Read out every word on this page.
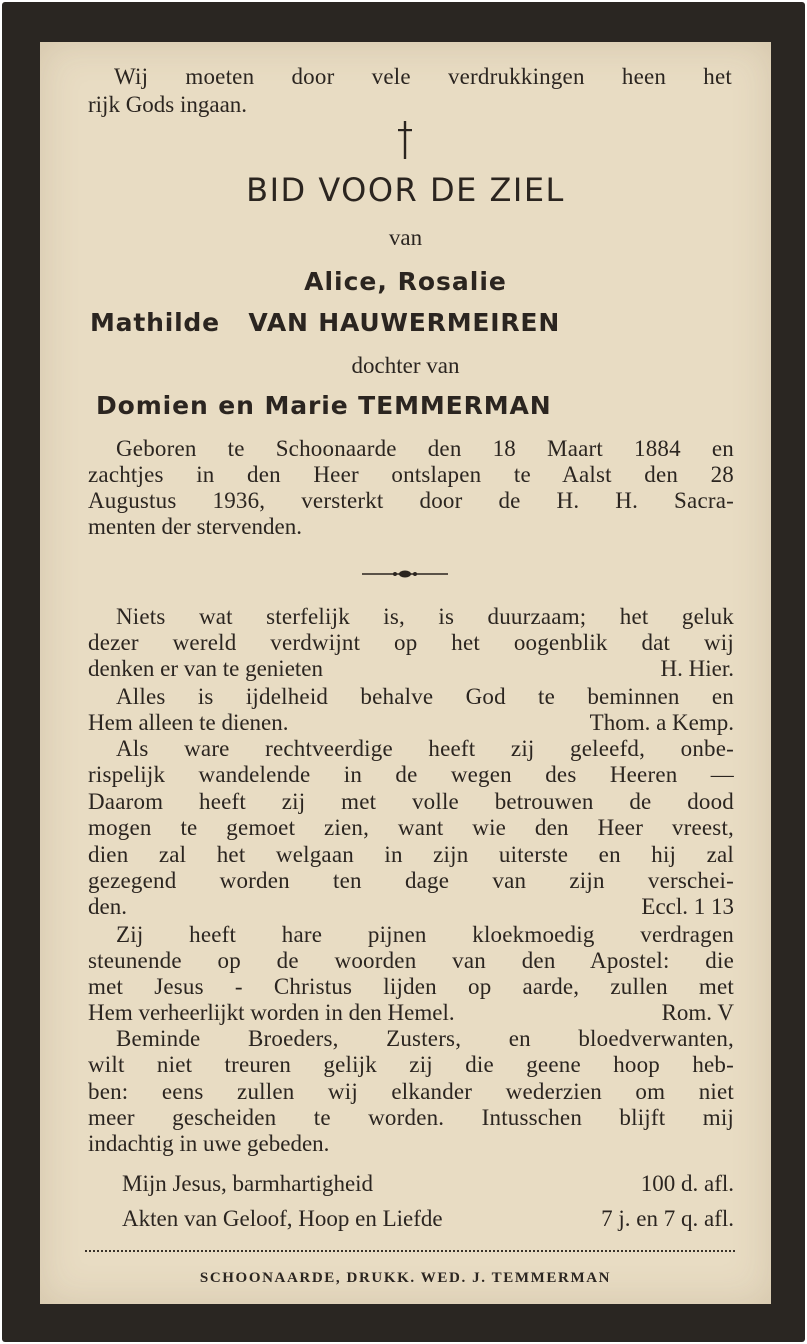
Wij moeten door vele verdrukkingen heen het
rijk Gods ingaan.
BID VOOR DE ZIEL
van
Alice, Rosalie
Mathilde   VAN HAUWERMEIREN
dochter van
Domien en Marie TEMMERMAN
Geboren te Schoonaarde den 18 Maart 1884 en
zachtjes in den Heer ontslapen te Aalst den 28
Augustus 1936, versterkt door de H. H. Sacra-
menten der stervenden.
Niets wat sterfelijk is, is duurzaam; het geluk
dezer wereld verdwijnt op het oogenblik dat wij
denken er van te genieten	H. Hier.
Alles is ijdelheid behalve God te beminnen en
Hem alleen te dienen.	Thom. a Kemp.
Als ware rechtveerdige heeft zij geleefd, onbe-
rispelijk wandelende in de wegen des Heeren —
Daarom heeft zij met volle betrouwen de dood
mogen te gemoet zien, want wie den Heer vreest,
dien zal het welgaan in zijn uiterste en hij zal
gezegend worden ten dage van zijn verschei-
den.	Eccl. 1 13
Zij heeft hare pijnen kloekmoedig verdragen
steunende op de woorden van den Apostel: die
met Jesus - Christus lijden op aarde, zullen met
Hem verheerlijkt worden in den Hemel.	Rom. V
Beminde Broeders, Zusters, en bloedverwanten,
wilt niet treuren gelijk zij die geene hoop heb-
ben: eens zullen wij elkander wederzien om niet
meer gescheiden te worden. Intusschen blijft mij
indachtig in uwe gebeden.
Mijn Jesus, barmhartigheid	100 d. afl.
Akten van Geloof, Hoop en Liefde	7 j. en 7 q. afl.
SCHOONAARDE, DRUKK. WED. J. TEMMERMAN
